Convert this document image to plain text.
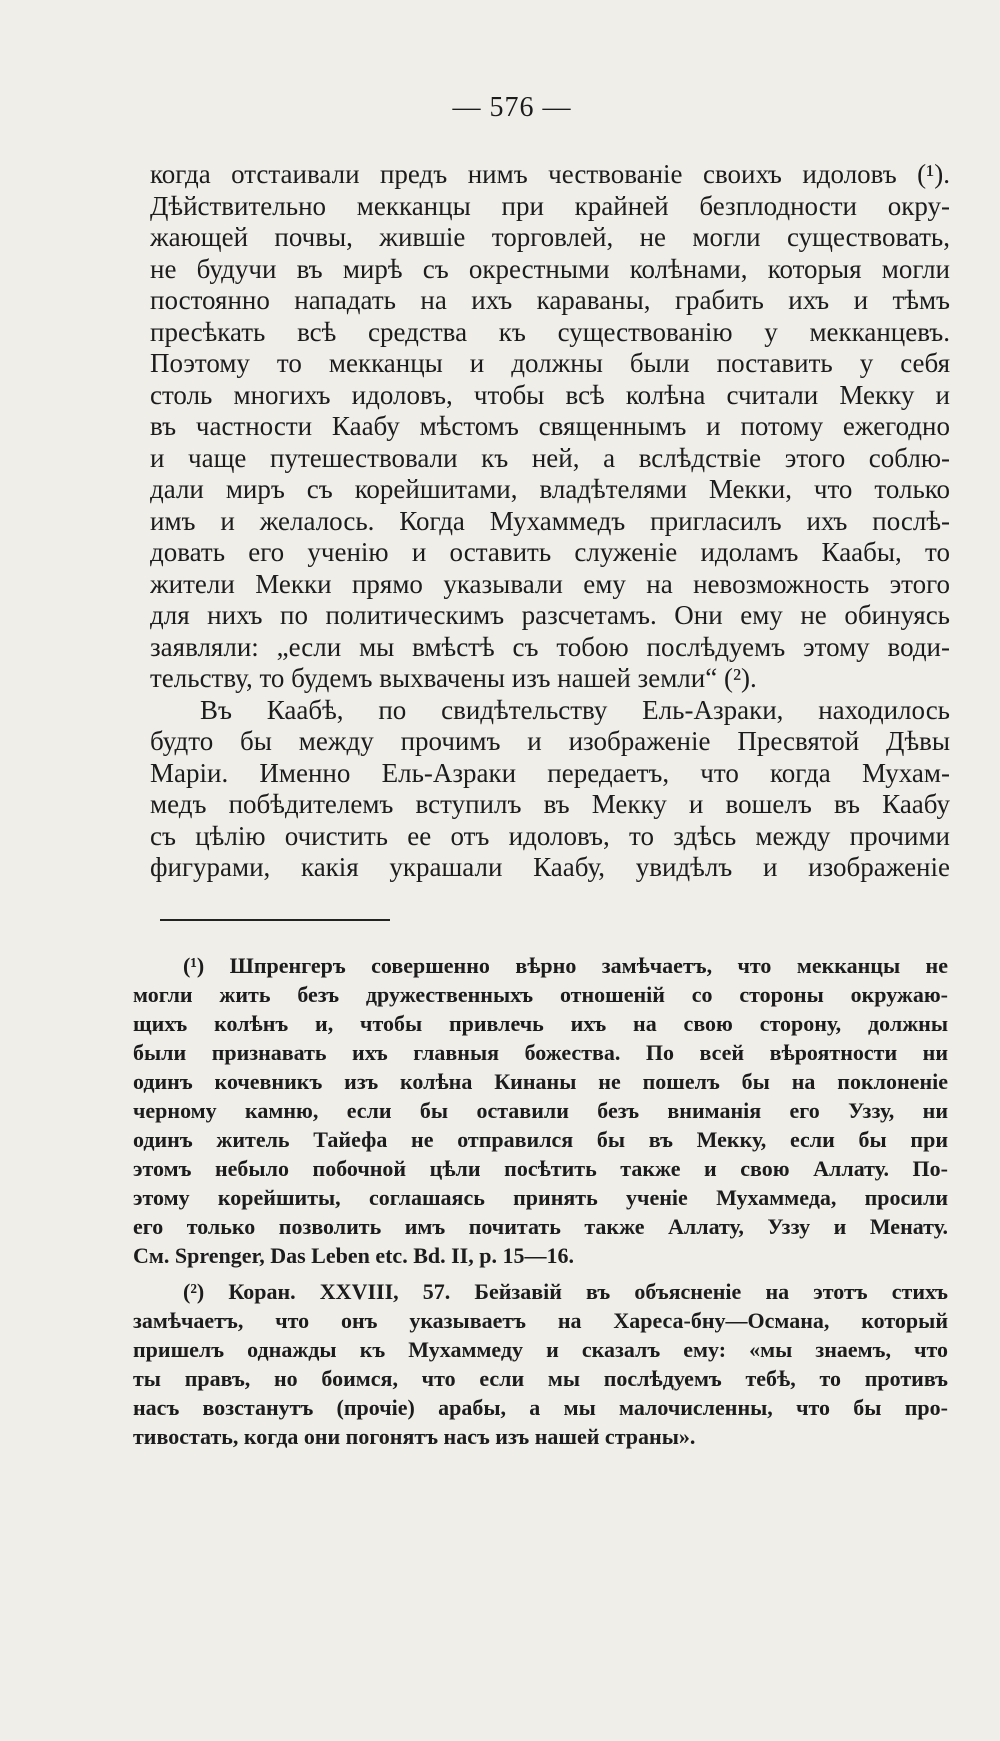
— 576 —
когда отстаивали предъ нимъ чествованіе своихъ идоловъ (¹).
Дѣйствительно мекканцы при крайней безплодности окру-
жающей почвы, жившіе торговлей, не могли существовать,
не будучи въ мирѣ съ окрестными колѣнами, которыя могли
постоянно нападать на ихъ караваны, грабить ихъ и тѣмъ
пресѣкать всѣ средства къ существованію у мекканцевъ.
Поэтому то мекканцы и должны были поставить у себя
столь многихъ идоловъ, чтобы всѣ колѣна считали Мекку и
въ частности Каабу мѣстомъ священнымъ и потому ежегодно
и чаще путешествовали къ ней, а вслѣдствіе этого соблю-
дали миръ съ корейшитами, владѣтелями Мекки, что только
имъ и желалось. Когда Мухаммедъ пригласилъ ихъ послѣ-
довать его ученію и оставить служеніе идоламъ Каабы, то
жители Мекки прямо указывали ему на невозможность этого
для нихъ по политическимъ разсчетамъ. Они ему не обинуясь
заявляли: „если мы вмѣстѣ съ тобою послѣдуемъ этому води-
тельству, то будемъ выхвачены изъ нашей земли“ (²).
Въ Каабѣ, по свидѣтельству Ель-Азраки, находилось
будто бы между прочимъ и изображеніе Пресвятой Дѣвы
Маріи. Именно Ель-Азраки передаетъ, что когда Мухам-
медъ побѣдителемъ вступилъ въ Мекку и вошелъ въ Каабу
съ цѣлію очистить ее отъ идоловъ, то здѣсь между прочими
фигурами, какія украшали Каабу, увидѣлъ и изображеніе
(¹) Шпренгеръ совершенно вѣрно замѣчаетъ, что мекканцы не
могли жить безъ дружественныхъ отношеній со стороны окружаю-
щихъ колѣнъ и, чтобы привлечь ихъ на свою сторону, должны
были признавать ихъ главныя божества. По всей вѣроятности ни
одинъ кочевникъ изъ колѣна Кинаны не пошелъ бы на поклоненіе
черному камню, если бы оставили безъ вниманія его Уззу, ни
одинъ житель Тайефа не отправился бы въ Мекку, если бы при
этомъ небыло побочной цѣли посѣтить также и свою Аллату. По-
этому корейшиты, соглашаясь принять ученіе Мухаммеда, просили
его только позволить имъ почитать также Аллату, Уззу и Менату.
См. Sprenger, Das Leben etc. Bd. II, p. 15—16.
(²) Коран. XXVIII, 57. Бейзавій въ объясненіе на этотъ стихъ
замѣчаетъ, что онъ указываетъ на Хареса-бну—Османа, который
пришелъ однажды къ Мухаммеду и сказалъ ему: «мы знаемъ, что
ты правъ, но боимся, что если мы послѣдуемъ тебѣ, то противъ
насъ возстанутъ (прочіе) арабы, а мы малочисленны, что бы про-
тивостать, когда они погонятъ насъ изъ нашей страны».
